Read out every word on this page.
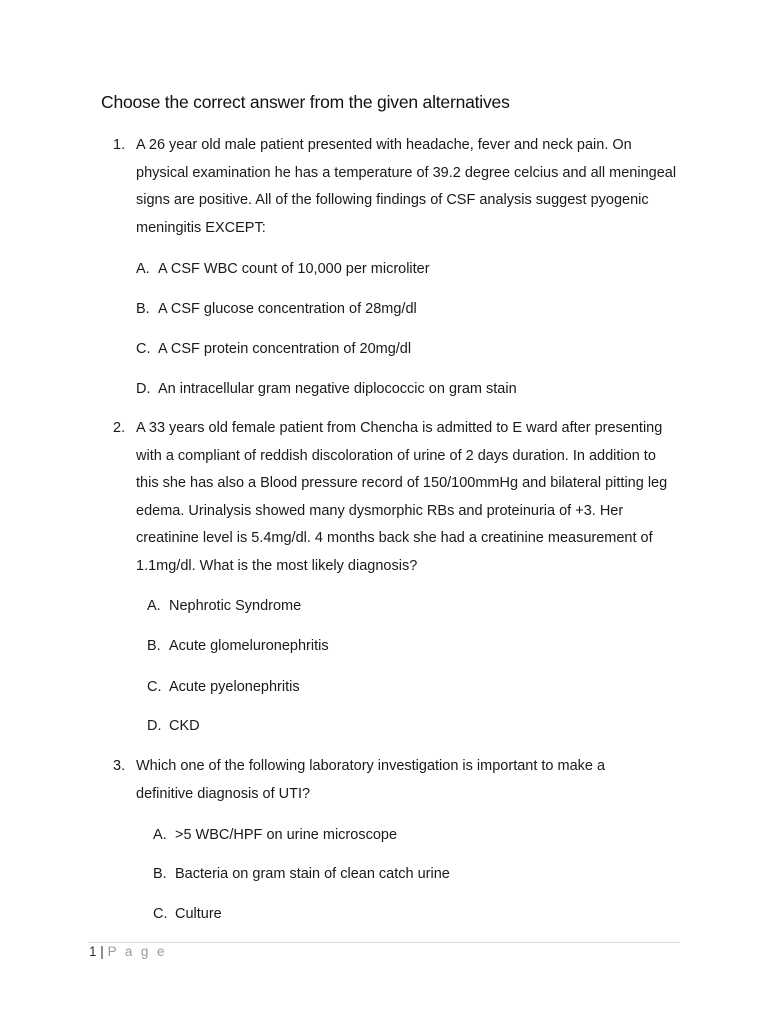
Choose the correct answer from the given alternatives
1. A 26 year old male patient presented with headache, fever and neck pain. On physical examination he has a temperature of 39.2 degree celcius and all meningeal signs are positive. All of the following findings of CSF analysis suggest pyogenic meningitis EXCEPT:

A. A CSF WBC count of 10,000 per microliter
B. A CSF glucose concentration of 28mg/dl
C. A CSF protein concentration of 20mg/dl
D. An intracellular gram negative diplococcic on gram stain
2. A 33 years old female patient from Chencha is admitted to E ward after presenting with a compliant of reddish discoloration of urine of 2 days duration. In addition to this she has also a Blood pressure record of 150/100mmHg and bilateral pitting leg edema. Urinalysis showed many dysmorphic RBs and proteinuria of +3. Her creatinine level is 5.4mg/dl. 4 months back she had a creatinine measurement of 1.1mg/dl. What is the most likely diagnosis?

A. Nephrotic Syndrome
B. Acute glomeluronephritis
C. Acute pyelonephritis
D. CKD
3. Which one of the following laboratory investigation is important to make a definitive diagnosis of UTI?

A. >5 WBC/HPF on urine microscope
B. Bacteria on gram stain of clean catch urine
C. Culture
1 | P a g e
